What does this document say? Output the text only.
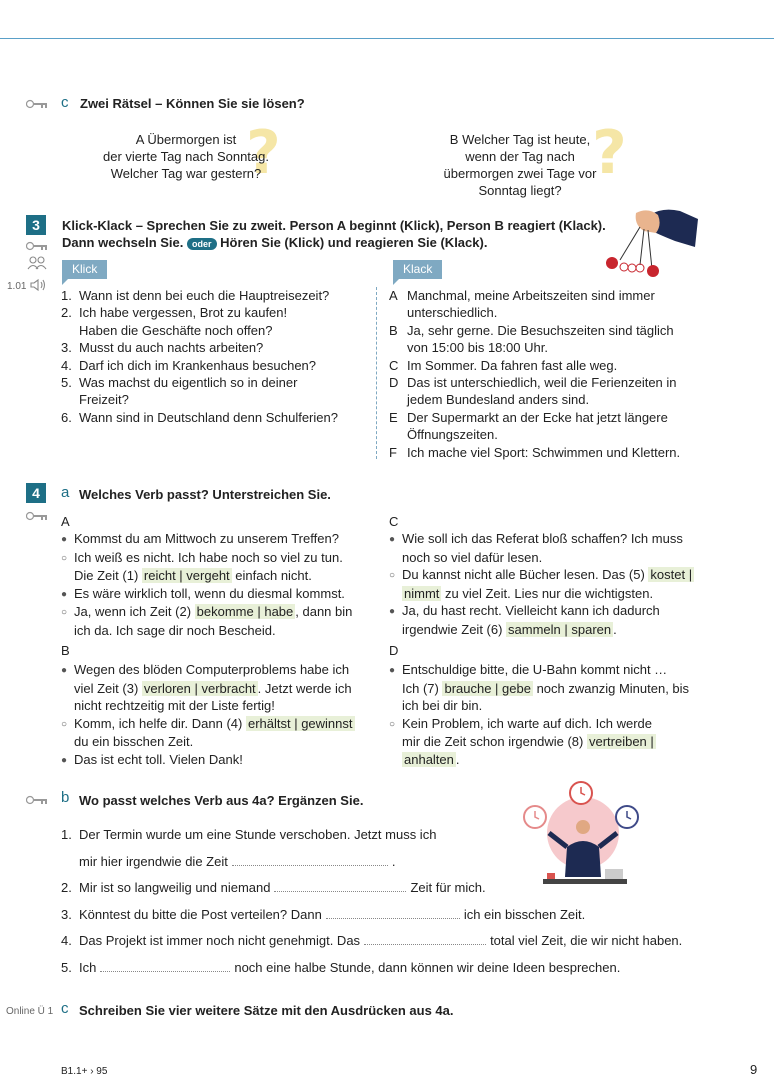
c Zwei Rätsel – Können Sie sie lösen?
?
A Übermorgen ist
der vierte Tag nach Sonntag.
Welcher Tag war gestern?	?
B Welcher Tag ist heute,
wenn der Tag nach
übermorgen zwei Tage vor
Sonntag liegt?
3
1.01
Klick-Klack – Sprechen Sie zu zweit. Person A beginnt (Klick), Person B reagiert (Klack).
Dann wechseln Sie. oder Hören Sie (Klick) und reagieren Sie (Klack).
Klick	Klack
1. Wann ist denn bei euch die Hauptreisezeit?
2. Ich habe vergessen, Brot zu kaufen!
Haben die Geschäfte noch offen?
3. Musst du auch nachts arbeiten?
4. Darf ich dich im Krankenhaus besuchen?
5. Was machst du eigentlich so in deiner
Freizeit?
6. Wann sind in Deutschland denn Schulferien?
A Manchmal, meine Arbeitszeiten sind immer
unterschiedlich.
B Ja, sehr gerne. Die Besuchszeiten sind täglich
von 15:00 bis 18:00 Uhr.
C Im Sommer. Da fahren fast alle weg.
D Das ist unterschiedlich, weil die Ferienzeiten in
jedem Bundesland anders sind.
E Der Supermarkt an der Ecke hat jetzt längere
Öffnungszeiten.
F Ich mache viel Sport: Schwimmen und Klettern.
4	a Welches Verb passt? Unterstreichen Sie.
A
● Kommst du am Mittwoch zu unserem Treffen?
○ Ich weiß es nicht. Ich habe noch so viel zu tun.
Die Zeit (1) reicht | vergeht einfach nicht.
● Es wäre wirklich toll, wenn du diesmal kommst.
○ Ja, wenn ich Zeit (2) bekomme | habe , dann bin
ich da. Ich sage dir noch Bescheid.
B
● Wegen des blöden Computerproblems habe ich
viel Zeit (3) verloren | verbracht . Jetzt werde ich
nicht rechtzeitig mit der Liste fertig!
○ Komm, ich helfe dir. Dann (4) erhältst | gewinnst
du ein bisschen Zeit.
● Das ist echt toll. Vielen Dank!
C
● Wie soll ich das Referat bloß schaffen? Ich muss
noch so viel dafür lesen.
○ Du kannst nicht alle Bücher lesen. Das (5) kostet |
nimmt zu viel Zeit. Lies nur die wichtigsten.
● Ja, du hast recht. Vielleicht kann ich dadurch
irgendwie Zeit (6) sammeln | sparen .
D
● Entschuldige bitte, die U-Bahn kommt nicht …
Ich (7) brauche | gebe noch zwanzig Minuten, bis
ich bei dir bin.
○ Kein Problem, ich warte auf dich. Ich werde
mir die Zeit schon irgendwie (8) vertreiben |
anhalten .
b Wo passt welches Verb aus 4a? Ergänzen Sie.
1. Der Termin wurde um eine Stunde verschoben. Jetzt muss ich
mir hier irgendwie die Zeit	.
2. Mir ist so langweilig und niemand	Zeit für mich.
3. Könntest du bitte die Post verteilen? Dann	ich ein bisschen Zeit.
4. Das Projekt ist immer noch nicht genehmigt. Das	total viel Zeit, die wir nicht haben.
5. Ich	noch eine halbe Stunde, dann können wir deine Ideen besprechen.
Online Ü 1 c Schreiben Sie vier weitere Sätze mit den Ausdrücken aus 4a.
B1.1+ › 95	9
